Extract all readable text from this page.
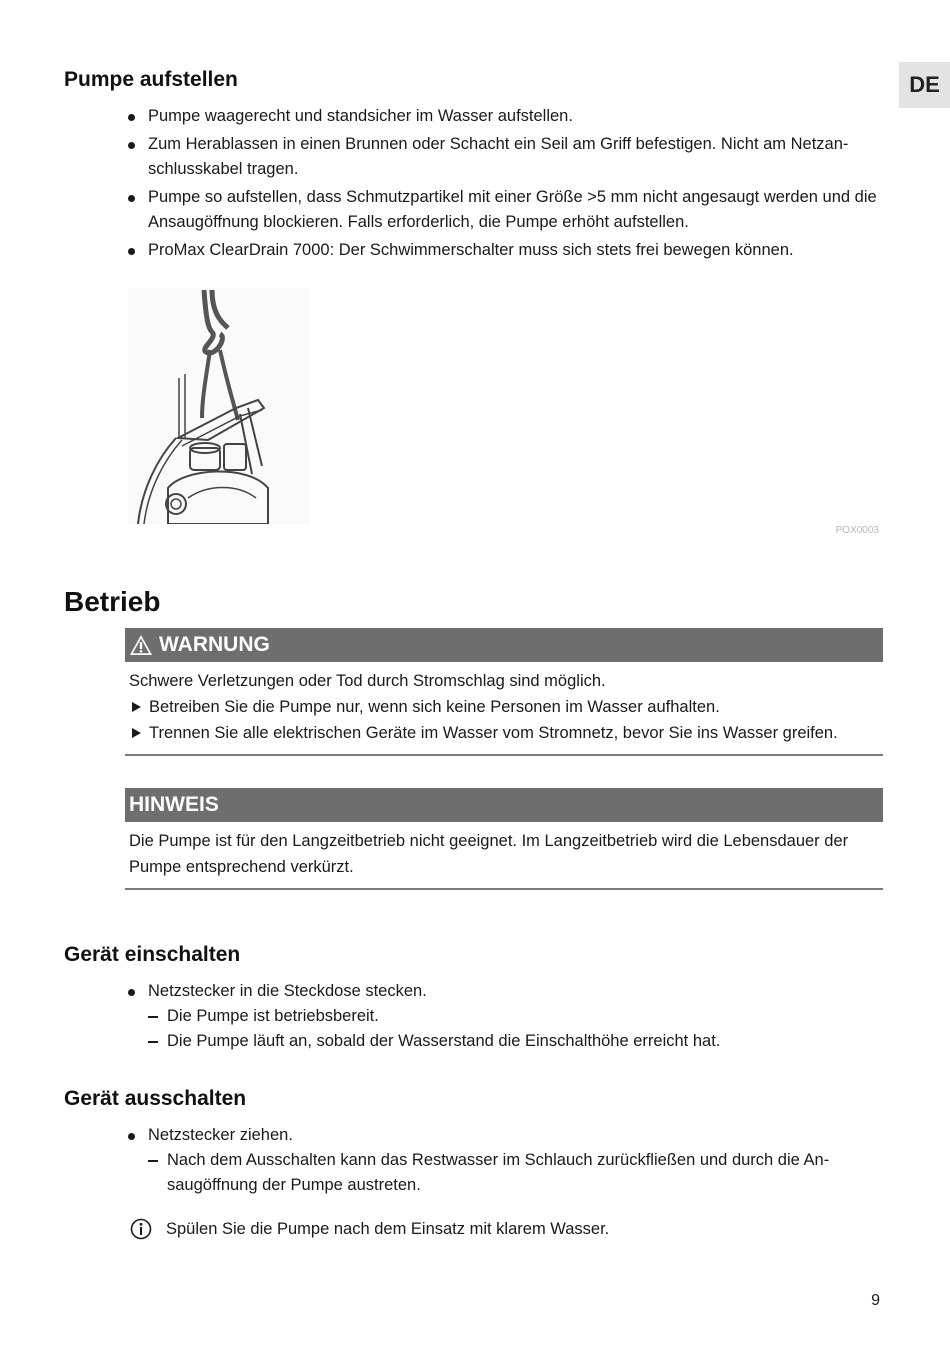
DE
Pumpe aufstellen
Pumpe waagerecht und standsicher im Wasser aufstellen.
Zum Herablassen in einen Brunnen oder Schacht ein Seil am Griff befestigen. Nicht am Netzanschlusskabel tragen.
Pumpe so aufstellen, dass Schmutzpartikel mit einer Größe >5 mm nicht angesaugt werden und die Ansaugöffnung blockieren. Falls erforderlich, die Pumpe erhöht aufstellen.
ProMax ClearDrain 7000: Der Schwimmerschalter muss sich stets frei bewegen können.
POX0003
Betrieb
WARNUNG
Schwere Verletzungen oder Tod durch Stromschlag sind möglich.
Betreiben Sie die Pumpe nur, wenn sich keine Personen im Wasser aufhalten.
Trennen Sie alle elektrischen Geräte im Wasser vom Stromnetz, bevor Sie ins Wasser greifen.
HINWEIS
Die Pumpe ist für den Langzeitbetrieb nicht geeignet. Im Langzeitbetrieb wird die Lebensdauer der Pumpe entsprechend verkürzt.
Gerät einschalten
Netzstecker in die Steckdose stecken.
Die Pumpe ist betriebsbereit.
Die Pumpe läuft an, sobald der Wasserstand die Einschalthöhe erreicht hat.
Gerät ausschalten
Netzstecker ziehen.
Nach dem Ausschalten kann das Restwasser im Schlauch zurückfließen und durch die Ansaugöffnung der Pumpe austreten.
Spülen Sie die Pumpe nach dem Einsatz mit klarem Wasser.
9
